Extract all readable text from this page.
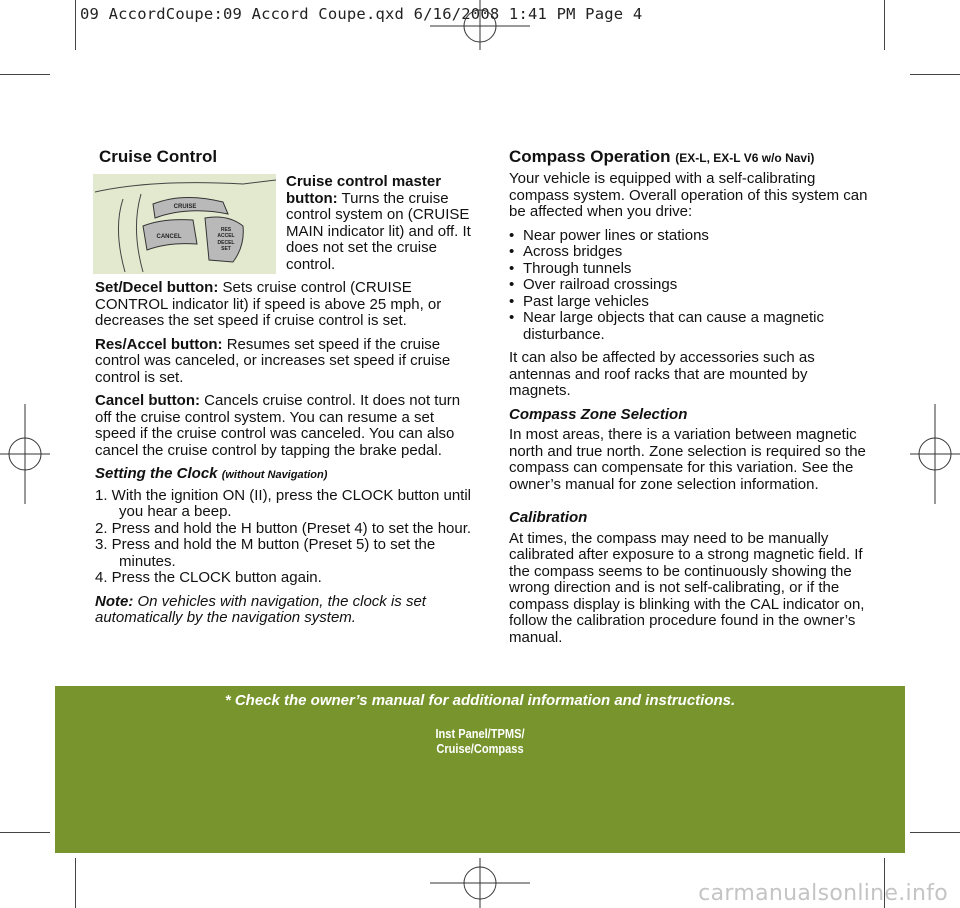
09 AccordCoupe:09 Accord Coupe.qxd 6/16/2008 1:41 PM Page 4
Cruise Control
CRUISE
CANCEL
RES
ACCEL
DECEL
SET

Cruise control master button: Turns the cruise control system on (CRUISE MAIN indicator lit) and off. It does not set the cruise control.

Set/Decel button: Sets cruise control (CRUISE CONTROL indicator lit) if speed is above 25 mph, or decreases the set speed if cruise control is set.

Res/Accel button: Resumes set speed if the cruise control was canceled, or increases set speed if cruise control is set.

Cancel button: Cancels cruise control. It does not turn off the cruise control system. You can resume a set speed if the cruise control was canceled. You can also cancel the cruise control by tapping the brake pedal.

Setting the Clock (without Navigation)
1. With the ignition ON (II), press the CLOCK button until you hear a beep.
2. Press and hold the H button (Preset 4) to set the hour.
3. Press and hold the M button (Preset 5) to set the minutes.
4. Press the CLOCK button again.

Note: On vehicles with navigation, the clock is set automatically by the navigation system.

Compass Operation (EX-L, EX-L V6 w/o Navi)

Your vehicle is equipped with a self-calibrating compass system. Overall operation of this system can be affected when you drive:

• Near power lines or stations
• Across bridges
• Through tunnels
• Over railroad crossings
• Past large vehicles
• Near large objects that can cause a magnetic disturbance.

It can also be affected by accessories such as antennas and roof racks that are mounted by magnets.

Compass Zone Selection

In most areas, there is a variation between magnetic north and true north. Zone selection is required so the compass can compensate for this variation. See the owner’s manual for zone selection information.

Calibration

At times, the compass may need to be manually calibrated after exposure to a strong magnetic field. If the compass seems to be continuously showing the wrong direction and is not self-calibrating, or if the compass display is blinking with the CAL indicator on, follow the calibration procedure found in the owner’s manual.

* Check the owner’s manual for additional information and instructions.
Inst Panel/TPMS/
Cruise/Compass
carmanualsonline.info
